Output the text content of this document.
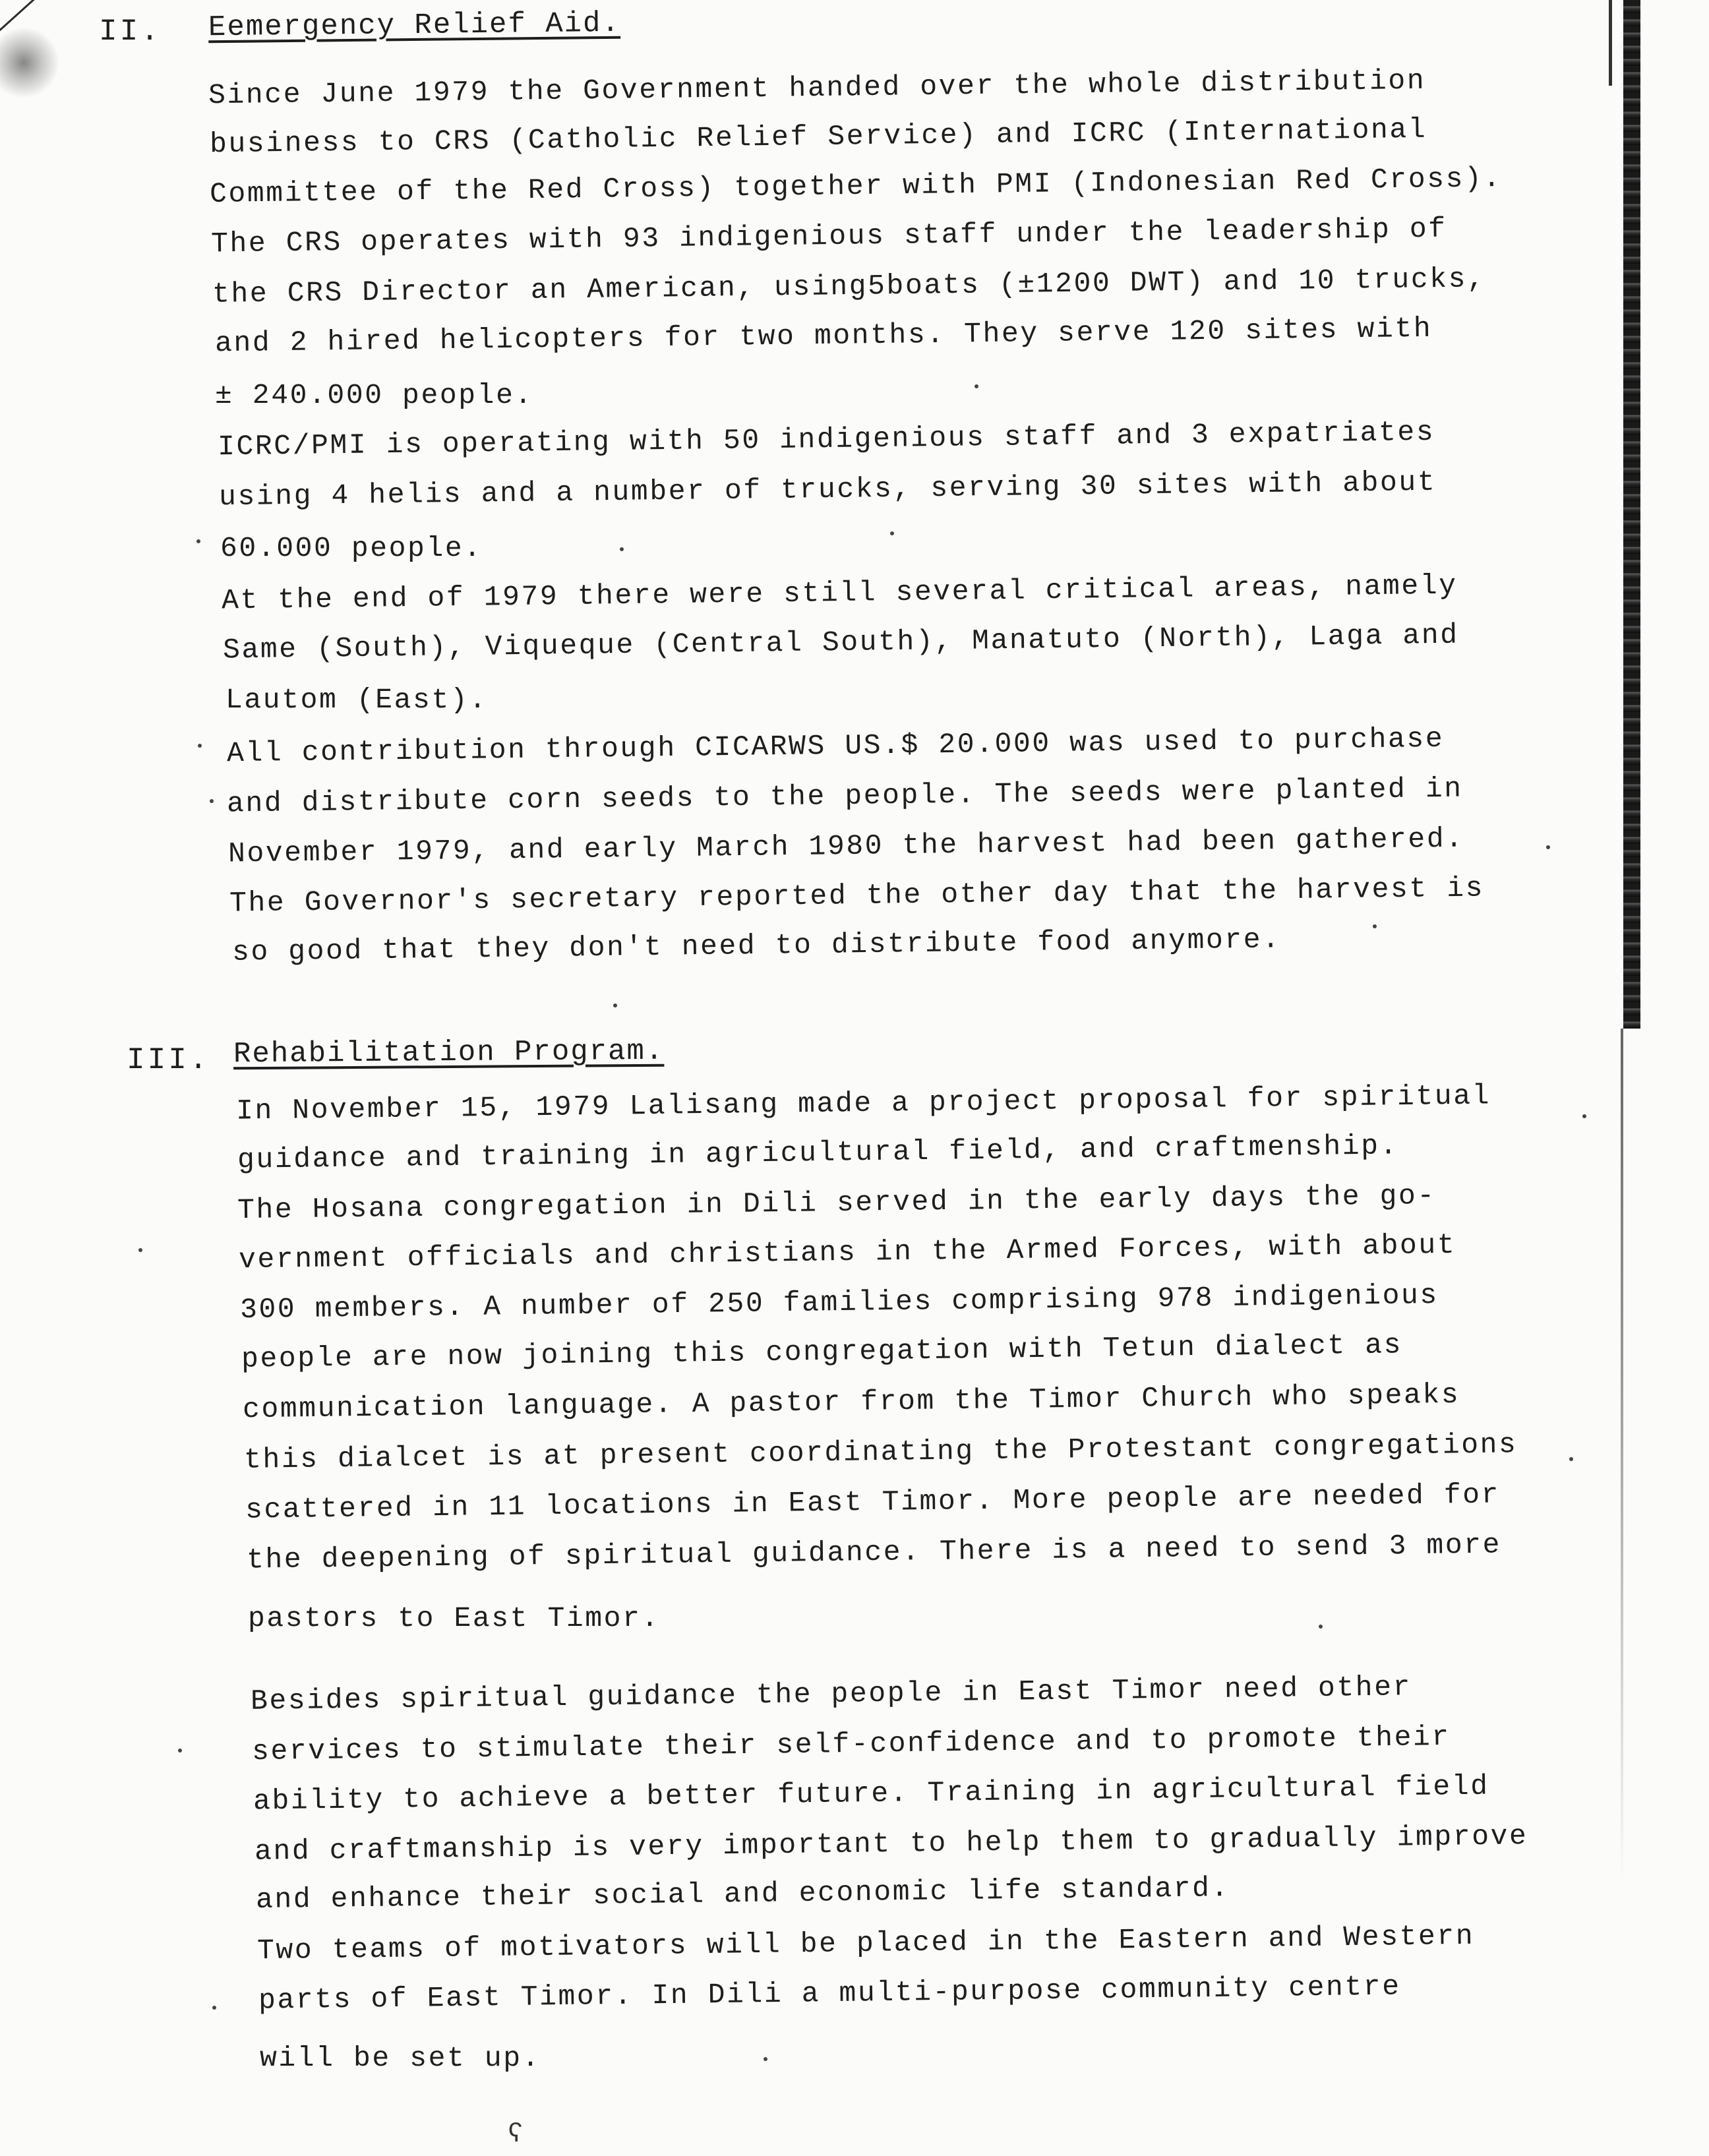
II. Eemergency Relief Aid.
Since June 1979 the Government handed over the whole distribution
business to CRS (Catholic Relief Service) and ICRC (International
Committee of the Red Cross) together with PMI (Indonesian Red Cross).
The CRS operates with 93 indigenious staff under the leadership of
the CRS Director an American, using5boats (±1200 DWT) and 10 trucks,
and 2 hired helicopters for two months. They serve 120 sites with
± 240.000 people.
ICRC/PMI is operating with 50 indigenious staff and 3 expatriates
using 4 helis and a number of trucks, serving 30 sites with about
60.000 people.
At the end of 1979 there were still several critical areas, namely
Same (South), Viqueque (Central South), Manatuto (North), Laga and
Lautom (East).
All contribution through CICARWS US.$ 20.000 was used to purchase
and distribute corn seeds to the people. The seeds were planted in
November 1979, and early March 1980 the harvest had been gathered.
The Governor's secretary reported the other day that the harvest is
so good that they don't need to distribute food anymore.
III. Rehabilitation Program.
In November 15, 1979 Lalisang made a project proposal for spiritual
guidance and training in agricultural field, and craftmenship.
The Hosana congregation in Dili served in the early days the go-
vernment officials and christians in the Armed Forces, with about
300 members. A number of 250 families comprising 978 indigenious
people are now joining this congregation with Tetun dialect as
communication language. A pastor from the Timor Church who speaks
this dialcet is at present coordinating the Protestant congregations
scattered in 11 locations in East Timor. More people are needed for
the deepening of spiritual guidance. There is a need to send 3 more
pastors to East Timor.
Besides spiritual guidance the people in East Timor need other
services to stimulate their self-confidence and to promote their
ability to achieve a better future. Training in agricultural field
and craftmanship is very important to help them to gradually improve
and enhance their social and economic life standard.
Two teams of motivators will be placed in the Eastern and Western
parts of East Timor. In Dili a multi-purpose community centre
will be set up.
ʕ
